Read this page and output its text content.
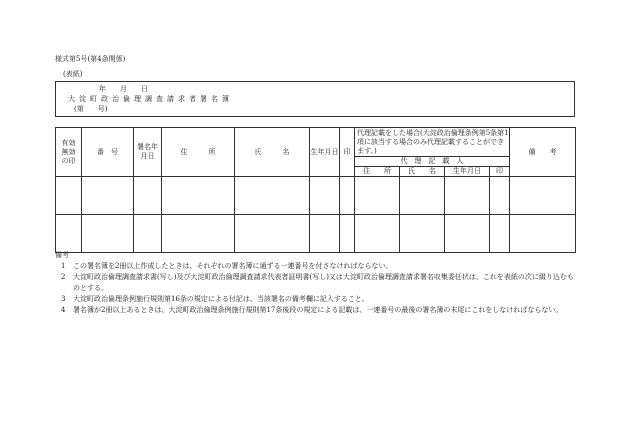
様式第5号(第4条関係)
(表紙)
年　　月　　日
大淀町政治倫理調査請求者署名簿
(第　　号)
有効無効の印	番　号	署名年月日	住　　　所	氏　　　名	生年月日	印	代理記載をした場合(大淀政治倫理条例第5条第1項に該当する場合のみ代理記載することができます。)				備　　考
							代　理　記　載　人				
							住　　所	氏　　名	生年月日	印	

備考
1	この署名簿を2冊以上作成したときは、それぞれの署名簿に通ずる一連番号を付さなければならない。
2	大淀町政治倫理調査請求書(写し)及び大淀町政治倫理調査請求代表者証明書(写し)又は大淀町政治倫理調査請求署名収集委任状は、これを表紙の次に綴り込むものとする。
3	大淀町政治倫理条例施行規則第16条の規定による付記は、当該署名の備考欄に記入すること。
4	署名簿が2冊以上あるときは、大淀町政治倫理条例施行規則第17条後段の規定による記載は、一連番号の最後の署名簿の末尾にこれをしなければならない。
